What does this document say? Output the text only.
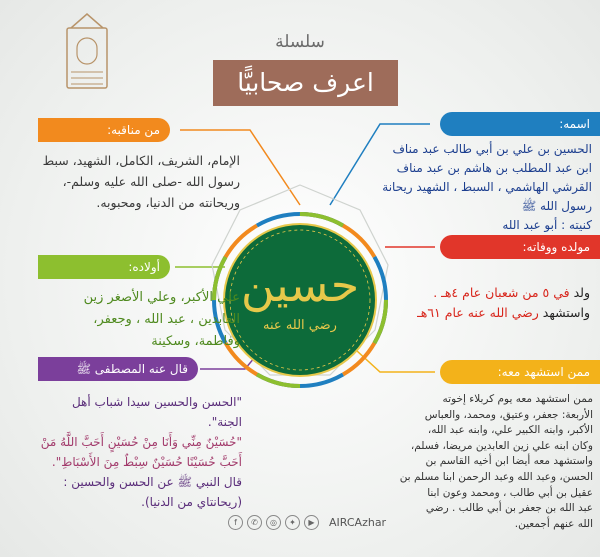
حسين
رضي الله عنه
سلسلة
اعرف صحابيًّا
من مناقبه:
الإمام، الشريف، الكامل، الشهيد، سبط
رسول الله -صلى الله عليه وسلم-،
وريحانته من الدنيا، ومحبوبه.
أولاده:
علي الأكبر، وعلي الأصغر زين
العابدين ، عبد الله ، وجعفر،
وفاطمة، وسكينة
قال عنه المصطفى ﷺ
"الحسن والحسين سيدا شباب أهل
الجنة".
"حُسَيْنٌ مِنِّي وَأَنَا مِنْ حُسَيْنٍ أَحَبَّ اللَّهُ مَنْ
أَحَبَّ حُسَيْنًا حُسَيْنٌ سِبْطٌ مِنَ الأَسْبَاطِ".
قال النبي ﷺ عن الحسن والحسين :
(ريحانتاي من الدنيا).
اسمه:
الحسين بن علي بن أبي طالب عبد مناف
ابن عبد المطلب بن هاشم بن عبد مناف
القرشي الهاشمي ، السبط ، الشهيد ريحانة
رسول الله ﷺ
كنيته : أبو عبد الله
مولده ووفاته:
ولد في ٥ من شعبان عام ٤هـ .
واستشهد رضي الله عنه عام ٦١هـ
ممن استشهد معه:
ممن استشهد معه يوم كربلاء إخوته
الأربعة: جعفر، وعتيق، ومحمد، والعباس
الأكبر، وابنه الكبير علي، وابنه عبد الله،
وكان ابنه علي زين العابدين مريضا، فسلم،
واستشهد معه أيضا ابن أخيه القاسم بن
الحسن، وعبد الله وعبد الرحمن ابنا مسلم بن
عقيل بن أبي طالب ، ومحمد وعون ابنا
عبد الله بن جعفر بن أبي طالب . رضي
الله عنهم أجمعين.
f	✆	◎	✦	▶	AIRCAzhar
